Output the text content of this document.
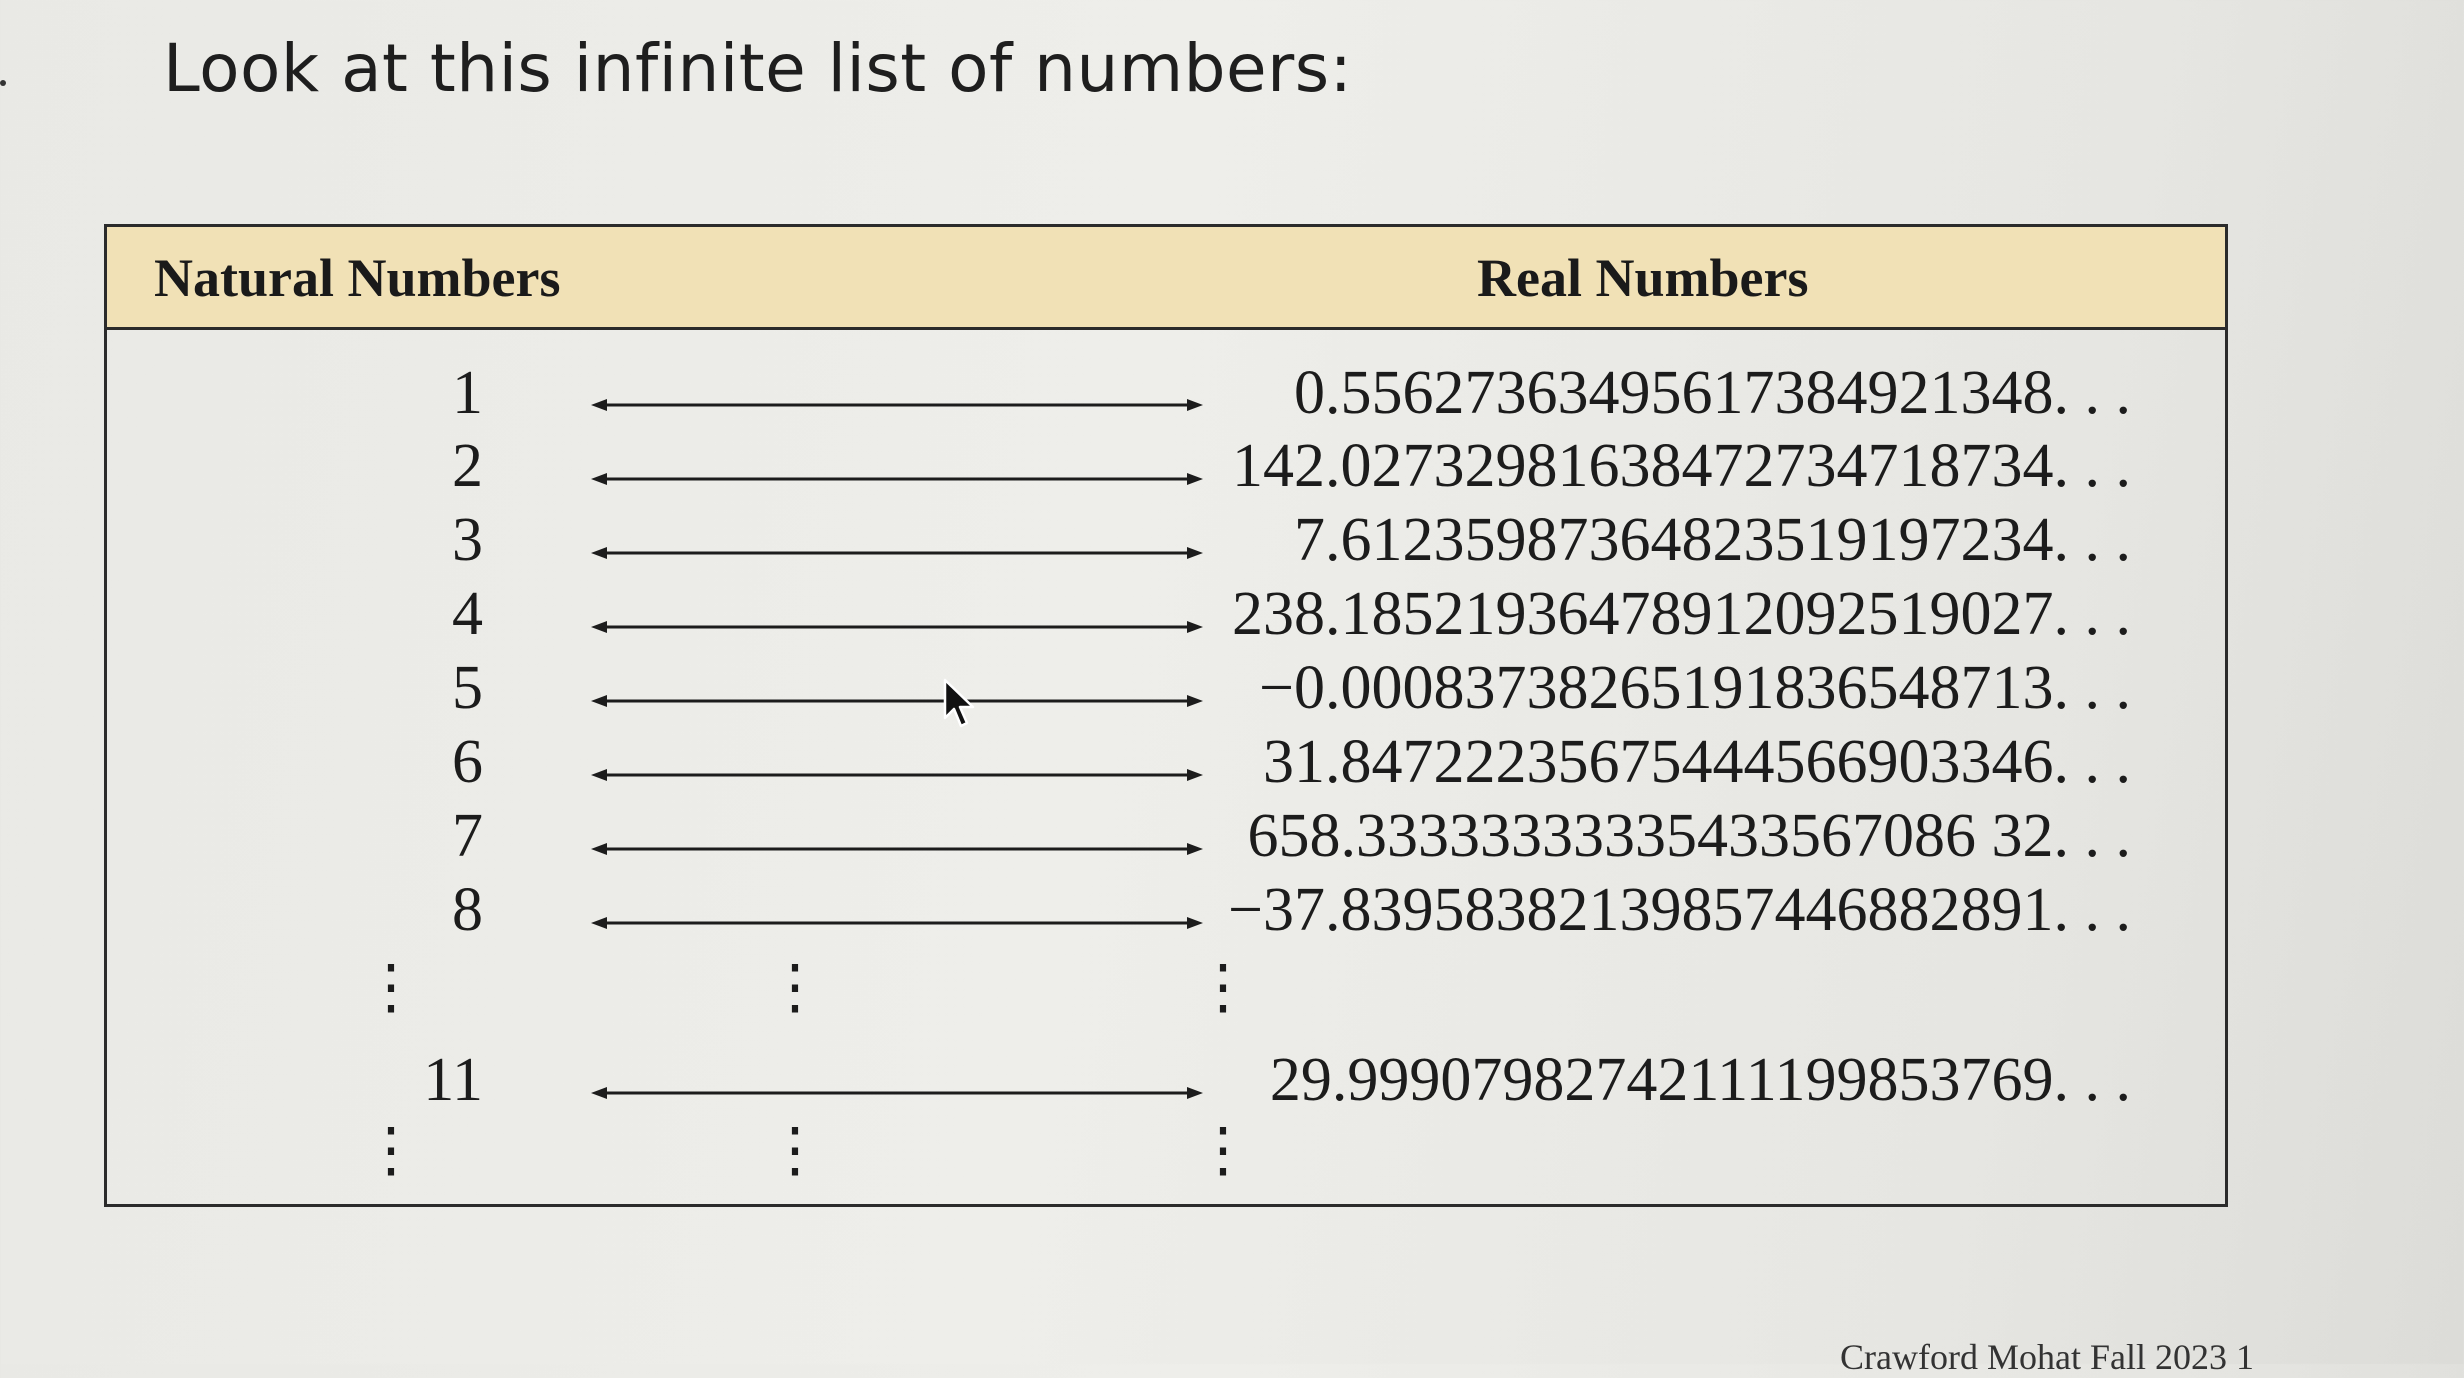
Look at this infinite list of numbers:
Natural Numbers	Real Numbers
1	0.55627363495617384921348. . .
2	142.02732981638472734718734. . .
3	7.61235987364823519197234. . .
4	238.18521936478912092519027. . .
5	−0.00083738265191836548713. . .
6	31.84722235675444566903346. . .
7	658.33333333335433567086 32. . .
8	−37.83958382139857446882891. . .
⋮	⋮	⋮
11	29.99907982742111199853769. . .
⋮	⋮	⋮
Crawford Mohat Fall 2023 1
